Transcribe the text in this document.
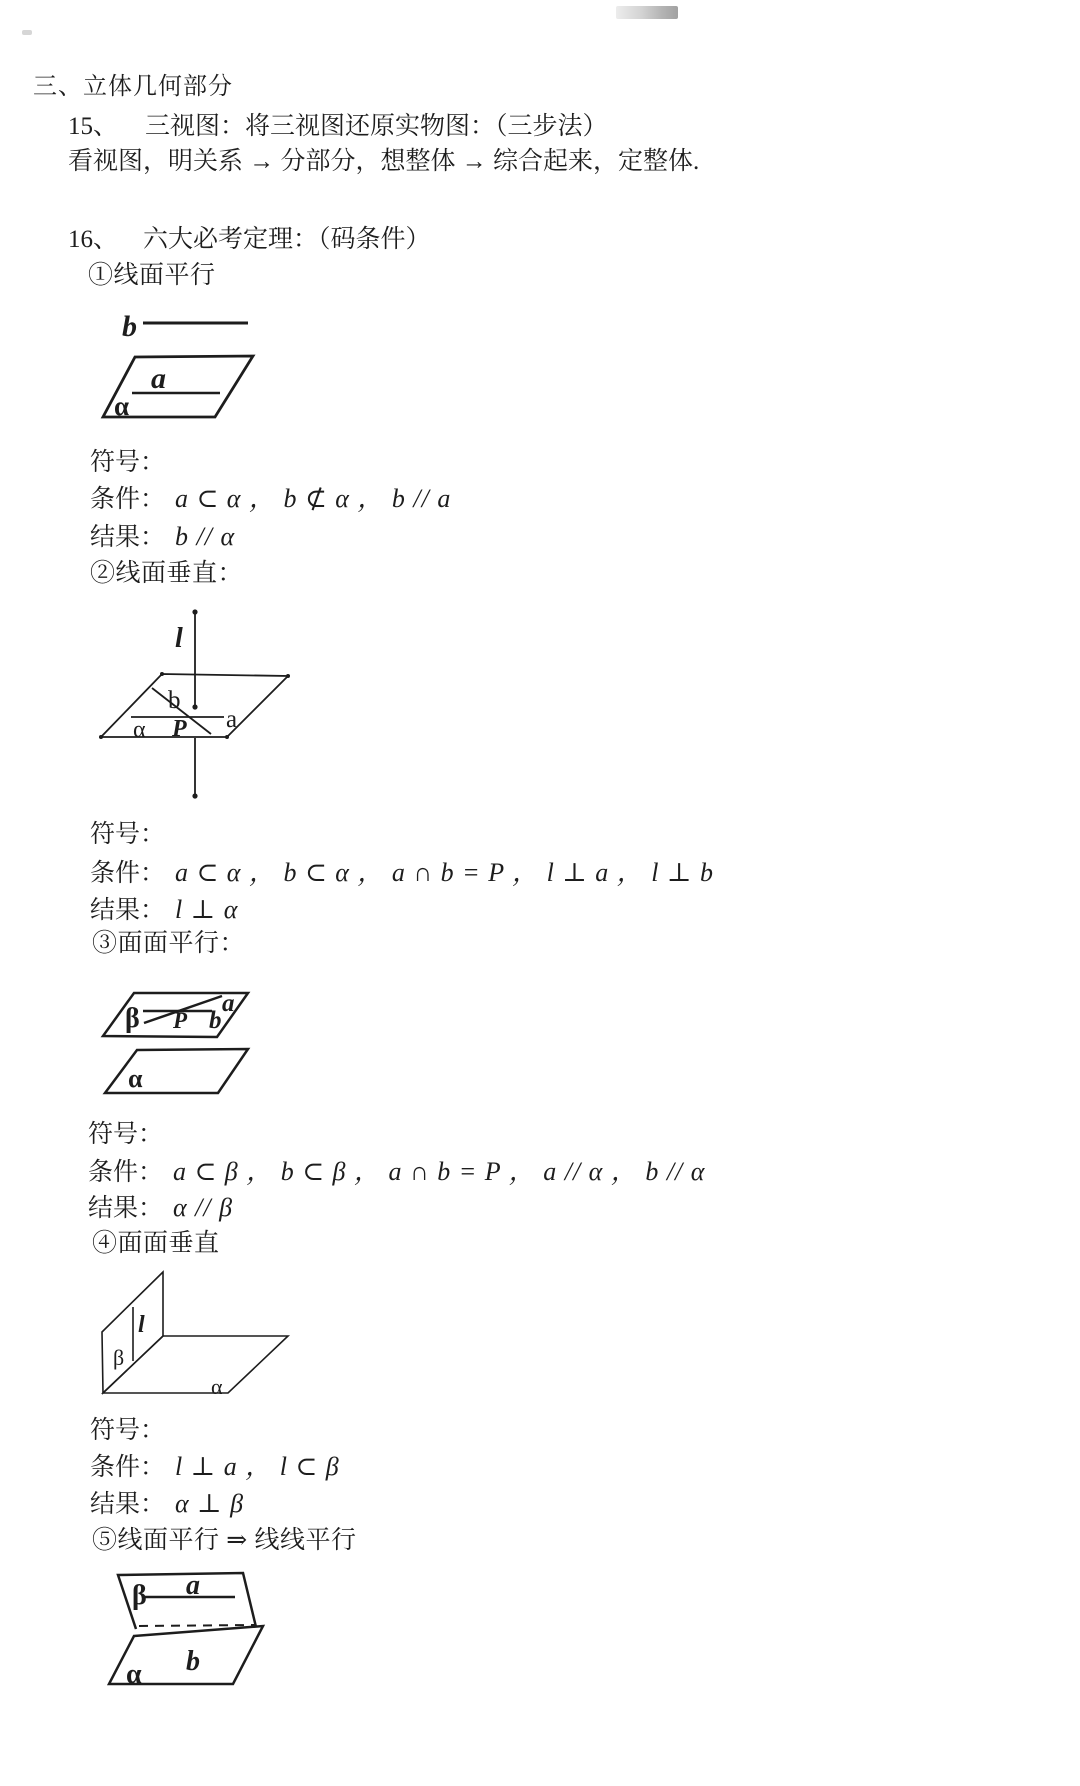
三、立体几何部分
15、 三视图：将三视图还原实物图：（三步法）
看视图，明关系 → 分部分，想整体 → 综合起来，定整体.
16、 六大必考定理：（码条件）
①线面平行
b
a
α
符号：
条件： a ⊂ α ， b ⊄ α ， b // a
结果： b // α
②线面垂直：
l
b
a
α P
符号：
条件： a ⊂ α ， b ⊂ α ， a ∩ b = P ， l ⊥ a ， l ⊥ b
结果： l ⊥ α
③面面平行：
β P b
a
α
符号：
条件： a ⊂ β ， b ⊂ β ， a ∩ b = P ， a // α ， b // α
结果： α // β
④面面垂直
l
β
α
符号：
条件： l ⊥ a ， l ⊂ β
结果： α ⊥ β
⑤线面平行 ⇒ 线线平行
a
β
b
α
